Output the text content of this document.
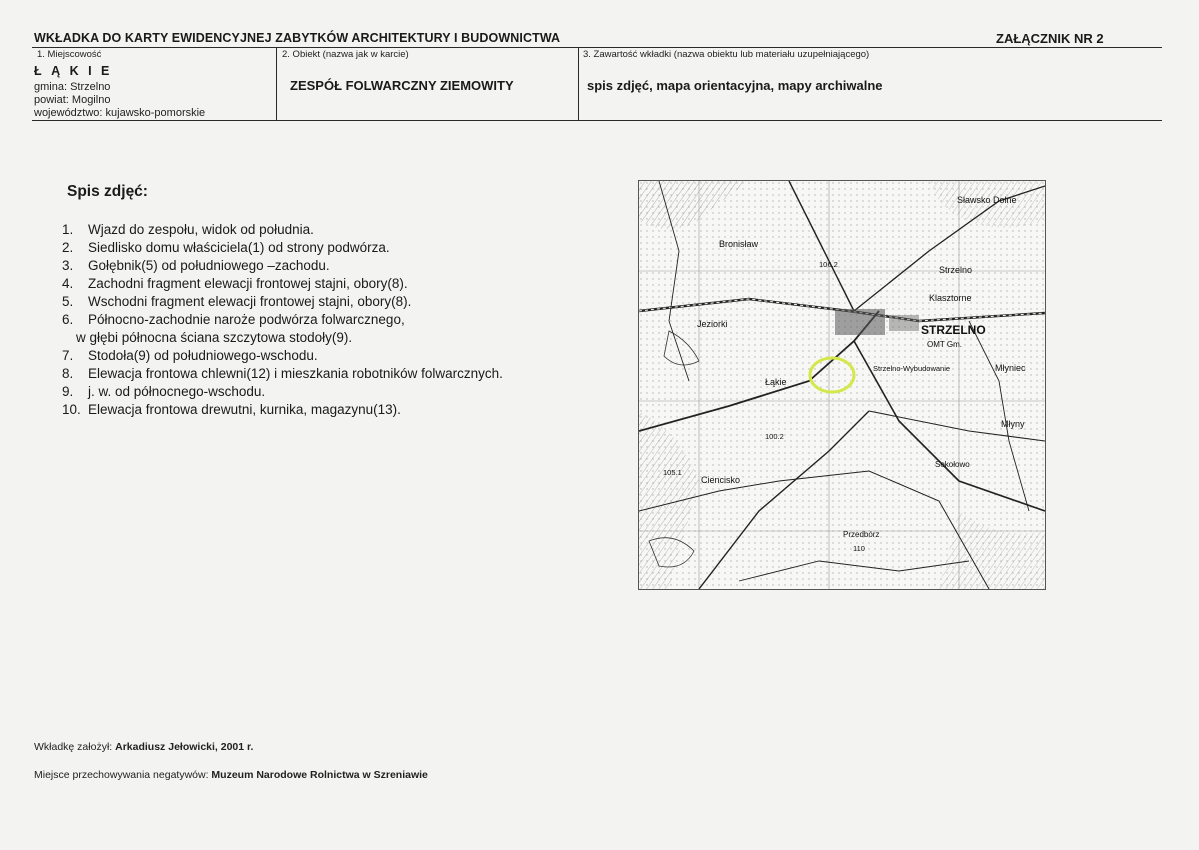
WKŁADKA DO KARTY EWIDENCYJNEJ ZABYTKÓW ARCHITEKTURY I BUDOWNICTWA	ZAŁĄCZNIK NR 2
1. Miejscowość
Ł Ą K I E
gmina: Strzelno
powiat: Mogilno
województwo: kujawsko-pomorskie
2. Obiekt (nazwa jak w karcie)
ZESPÓŁ FOLWARCZNY ZIEMOWITY
3. Zawartość wkładki (nazwa obiektu lub materiału uzupełniającego)
spis zdjęć, mapa orientacyjna, mapy archiwalne
Spis zdjęć:
1. Wjazd do zespołu, widok od południa.
2. Siedlisko domu właściciela(1) od strony podwórza.
3. Gołębnik(5) od południowego –zachodu.
4. Zachodni fragment elewacji frontowej stajni, obory(8).
5. Wschodni fragment elewacji frontowej stajni, obory(8).
6. Północno-zachodnie naroże podwórza folwarcznego,
w głębi północna ściana szczytowa stodoły(9).
7. Stodoła(9) od południowego-wschodu.
8. Elewacja frontowa chlewni(12) i mieszkania robotników folwarcznych.
9. j. w. od północnego-wschodu.
10. Elewacja frontowa drewutni, kurnika, magazynu(13).
STRZELNO
Strzelno
Klasztorne
Sławsko Dolne
Bronisław
Jeziorki
Łąkie
Młyniec
Młyny
Ciencisko
Sokołowo
Przedbórz
Strzelno-Wybudowanie
OMT Gm.
106.2
100.2
105.1
110
Wkładkę założył: Arkadiusz Jełowicki, 2001 r.
Miejsce przechowywania negatywów: Muzeum Narodowe Rolnictwa w Szreniawie
